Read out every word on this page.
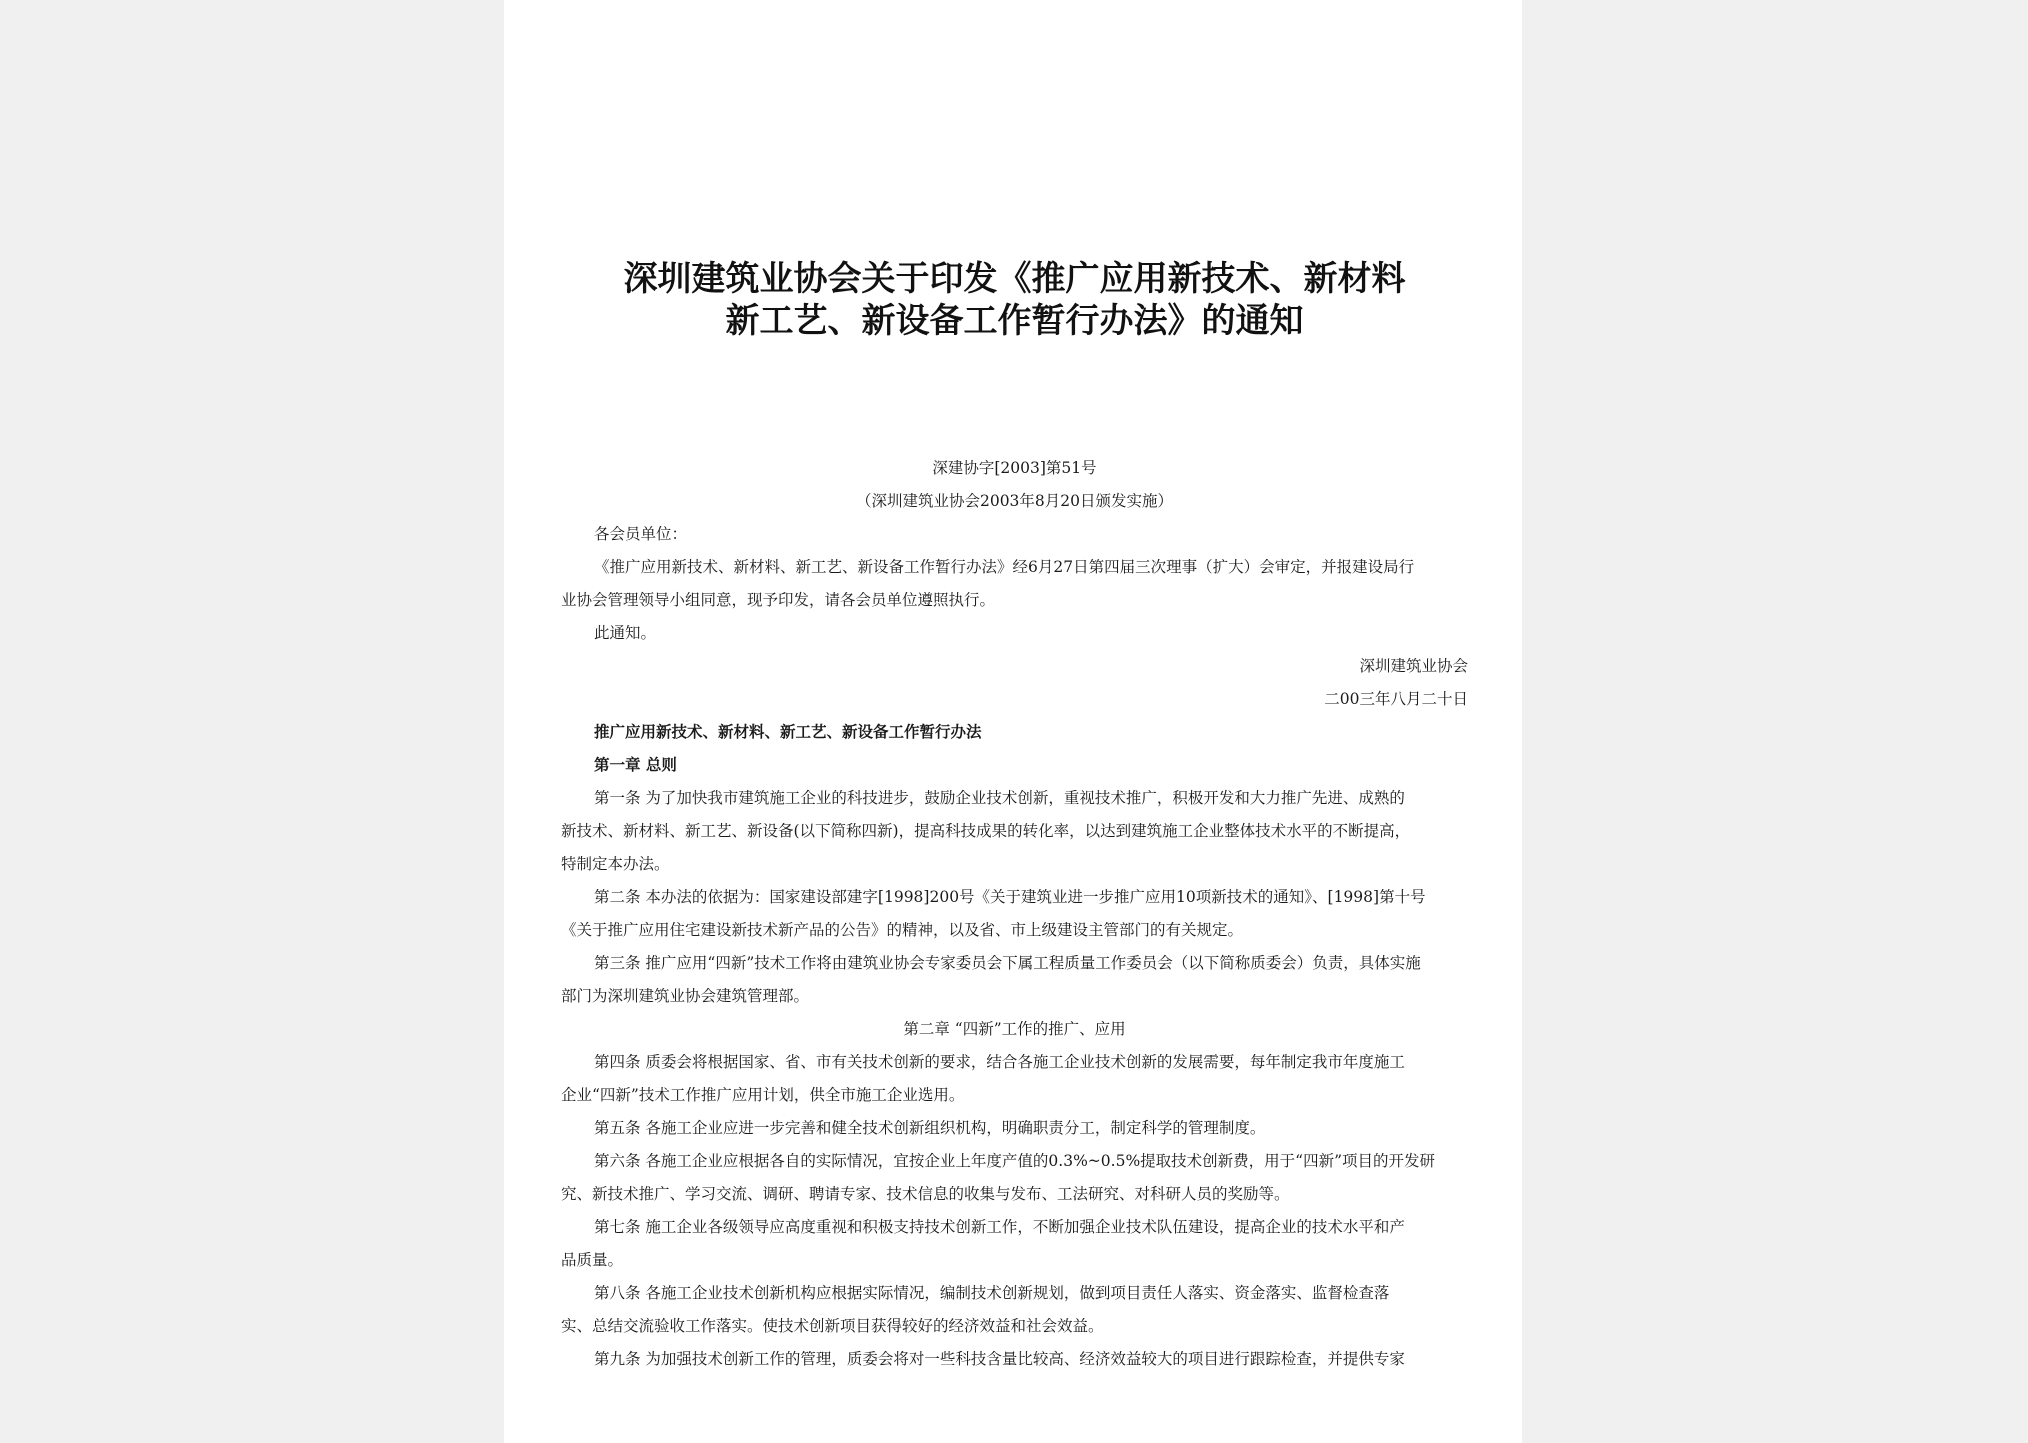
深圳建筑业协会关于印发《推广应用新技术、新材料
新工艺、新设备工作暂行办法》的通知
深建协字[2003]第51号
（深圳建筑业协会2003年8月20日颁发实施）
各会员单位：
《推广应用新技术、新材料、新工艺、新设备工作暂行办法》经6月27日第四届三次理事（扩大）会审定，并报建设局行
业协会管理领导小组同意，现予印发，请各会员单位遵照执行。
此通知。
深圳建筑业协会
二00三年八月二十日
推广应用新技术、新材料、新工艺、新设备工作暂行办法
第一章 总则
第一条 为了加快我市建筑施工企业的科技进步，鼓励企业技术创新，重视技术推广，积极开发和大力推广先进、成熟的
新技术、新材料、新工艺、新设备(以下简称四新)，提高科技成果的转化率，以达到建筑施工企业整体技术水平的不断提高，
特制定本办法。
第二条 本办法的依据为：国家建设部建字[1998]200号《关于建筑业进一步推广应用10项新技术的通知》、[1998]第十号
《关于推广应用住宅建设新技术新产品的公告》的精神，以及省、市上级建设主管部门的有关规定。
第三条 推广应用“四新”技术工作将由建筑业协会专家委员会下属工程质量工作委员会（以下简称质委会）负责，具体实施
部门为深圳建筑业协会建筑管理部。
第二章 “四新”工作的推广、应用
第四条 质委会将根据国家、省、市有关技术创新的要求，结合各施工企业技术创新的发展需要，每年制定我市年度施工
企业“四新”技术工作推广应用计划，供全市施工企业选用。
第五条 各施工企业应进一步完善和健全技术创新组织机构，明确职责分工，制定科学的管理制度。
第六条 各施工企业应根据各自的实际情况，宜按企业上年度产值的0.3%~0.5%提取技术创新费，用于“四新”项目的开发研
究、新技术推广、学习交流、调研、聘请专家、技术信息的收集与发布、工法研究、对科研人员的奖励等。
第七条 施工企业各级领导应高度重视和积极支持技术创新工作，不断加强企业技术队伍建设，提高企业的技术水平和产
品质量。
第八条 各施工企业技术创新机构应根据实际情况，编制技术创新规划，做到项目责任人落实、资金落实、监督检查落
实、总结交流验收工作落实。使技术创新项目获得较好的经济效益和社会效益。
第九条 为加强技术创新工作的管理，质委会将对一些科技含量比较高、经济效益较大的项目进行跟踪检查，并提供专家
